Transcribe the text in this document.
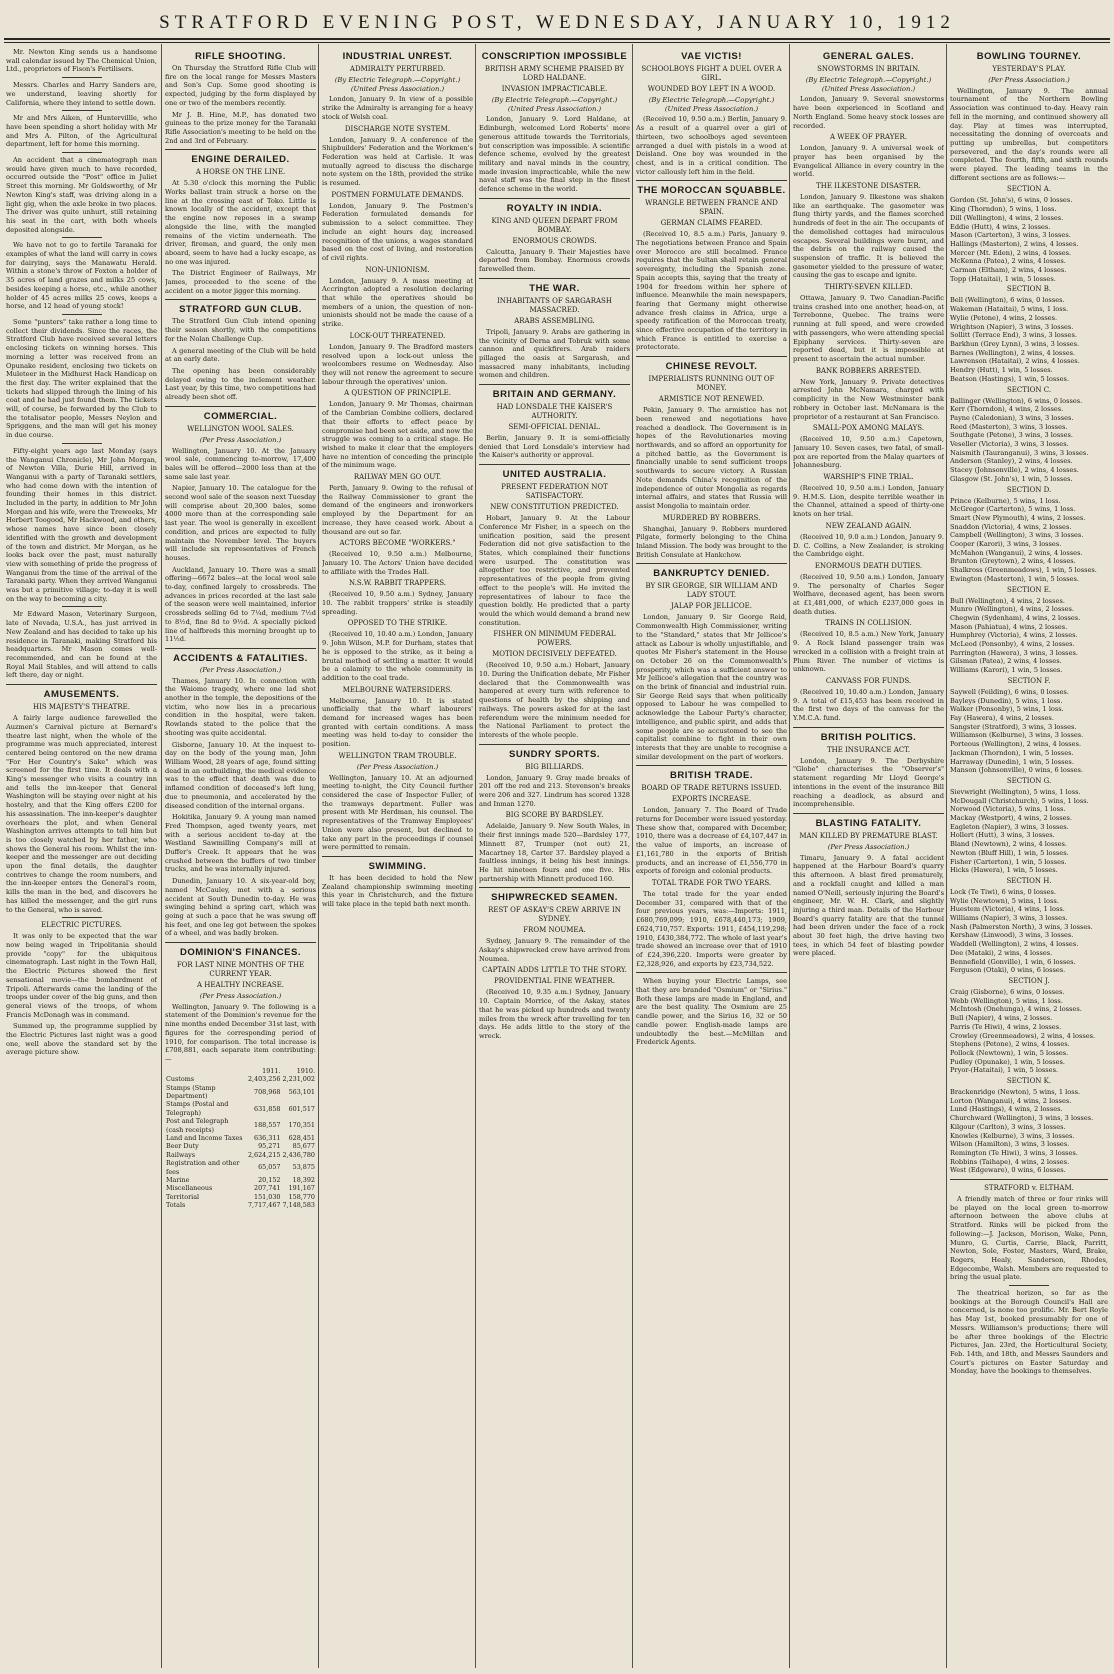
STRATFORD EVENING POST, WEDNESDAY, JANUARY 10, 1912

Mr. Newton King sends us a handsome wall calendar issued by The Chemical Union, Ltd., proprietors of Fison's Fertilisers.

Messrs. Charles and Harry Sanders are, we understand, leaving shortly for California, where they intend to settle down.

Mr and Mrs Aiken, of Huntervillle, who have been spending a short holiday with Mr and Mrs A. Pilton, of the Agricultural department, left for home this morning.

An accident that a cinematograph man would have given much to have recorded, occurred outside the "Post" office in Juliet Street this morning. Mr Goldsworthy, of Mr Newton King's staff, was driving along in a light gig, when the axle broke in two places. The driver was quite unhurt, still retaining his seat in the cart, with both wheels deposited alongside.

We have not to go to fertile Taranaki for examples of what the land will carry in cows for dairying, says the Manawatu Herald. Within a stone's throw of Foxton a holder of 35 acres of land grazes and milks 25 cows, besides keeping a horse, etc., while another holder of 45 acres milks 25 cows, keeps a horse, and 12 head of young stock!

Some "punters" take rather a long time to collect their dividends. Since the races, the Stratford Club have received several letters enclosing tickets on winning horses. This morning a letter was received from an Opunake resident, enclosing two tickets on Muleteer in the Midhurst Hack Handicap on the first day. The writer explained that the tickets had slipped through the lining of his coat and he had just found them. The tickets will, of course, be forwarded by the Club to the totalisator people, Messrs Neylon and Spriggens, and the man will get his money in due course.

Fifty-eight years ago last Monday (says the Wanganui Chronicle), Mr John Morgan, of Newton Villa, Durie Hill, arrived in Wanganui with a party of Taranaki settlers, who had come down with the intention of founding their homes in this district. Included in the party, in addition to Mr John Morgan and his wife, were the Treweeks, Mr Herbert Toogood, Mr Hackwood, and others, whose names have since been closely identified with the growth and development of the town and district. Mr Morgan, as he looks back over the past, must naturally view with something of pride the progress of Wanganui from the time of the arrival of the Taranaki party. When they arrived Wanganui was but a primitive village; to-day it is well on the way to becoming a city.

Mr Edward Mason, Veterinary Surgeon, late of Nevada, U.S.A., has just arrived in New Zealand and has decided to take up his residence in Taranaki, making Stratford his headquarters. Mr Mason comes well-recommended, and can be found at the Royal Mail Stables, and will attend to calls left there, day or night.

AMUSEMENTS.
HIS MAJESTY'S THEATRE.

A fairly large audience farewelled the Auzmen's Carnival picture at Bernard's theatre last night, when the whole of the programme was much appreciated, interest centered being centered on the new drama "For Her Country's Sake" which was screened for the first time. It deals with a King's messenger who visits a country inn and tells the inn-keeper that General Washington will be staying over night at his hostelry, and that the King offers £200 for his assassination. The inn-keeper's daughter overhears the plot, and when General Washington arrives attempts to tell him but is too closely watched by her father, who shows the General his room. Whilst the inn-keeper and the messenger are out deciding upon the final details, the daughter contrives to change the room numbers, and the inn-keeper enters the General's room, kills the man in the bed, and discovers he has killed the messenger, and the girl runs to the General, who is saved.

ELECTRIC PICTURES.

It was only to be expected that the war now being waged in Tripolitania should provide "copy" for the ubiquitous cinematograph. Last night in the Town Hall, the Electric Pictures showed the first sensational movie—the bombardment of Tripoli. Afterwards came the landing of the troops under cover of the big guns, and then general views of the troops, of whom Francis McDonagh was in command.

Summed up, the programme supplied by the Electric Pictures last night was a good one, well above the standard set by the average picture show.

RIFLE SHOOTING.

On Thursday the Stratford Rifle Club will fire on the local range for Messrs Masters and Son's Cup. Some good shooting is expected, judging by the form displayed by one or two of the members recently.

Mr J. B. Hine, M.P., has donated two guineas to the prize money for the Taranaki Rifle Association's meeting to be held on the 2nd and 3rd of February.

ENGINE DERAILED.
A HORSE ON THE LINE.

At 5.30 o'clock this morning the Public Works ballast train struck a horse on the line at the crossing east of Toko. Little is known locally of the accident, except that the engine now reposes in a swamp alongside the line, with the mangled remains of the victim underneath. The driver, fireman, and guard, the only men aboard, seem to have had a lucky escape, as no one was injured.

The District Engineer of Railways, Mr James, proceeded to the scene of the accident on a motor jigger this morning.

STRATFORD GUN CLUB.

The Stratford Gun Club intend opening their season shortly, with the competitions for the Nolan Challenge Cup.

A general meeting of the Club will be held at an early date.

The opening has been considerably delayed owing to the inclement weather. Last year, by this time, two competitions had already been shot off.

COMMERCIAL.
WELLINGTON WOOL SALES.
(Per Press Association.)

Wellington, January 10. At the January wool sale, commencing to-morrow, 17,400 bales will be offered—2000 less than at the same sale last year.

Napier, January 10. The catalogue for the second wool sale of the season next Tuesday will comprise about 20,300 bales, some 4000 more than at the corresponding sale last year. The wool is generally in excellent condition, and prices are expected to fully maintain the November level. The buyers will include six representatives of French houses.

Auckland, January 10. There was a small offering—6672 bales—at the local wool sale to-day, confined largely to crossbreds. The advances in prices recorded at the last sale of the season were well maintained, inferior crossbreds selling 6d to 7¼d, medium 7½d to 8½d, fine 8d to 9½d. A specially picked line of halfbreds this morning brought up to 11½d.

ACCIDENTS & FATALITIES.
(Per Press Association.)

Thames, January 10. In connection with the Waiomo tragedy, where one lad shot another in the temple, the depositions of the victim, who now lies in a precarious condition in the hospital, were taken. Rowlands stated to the police that the shooting was quite accidental.

Gisborne, January 10. At the inquest to-day on the body of the young man, John William Wood, 28 years of age, found sitting dead in an outbuilding, the medical evidence was to the effect that death was due to inflamed condition of deceased's left lung, due to pneumonia, and accelerated by the diseased condition of the internal organs.

Hokitika, January 9. A young man named Fred Thompson, aged twenty years, met with a serious accident to-day at the Westland Sawmilling Company's mill at Duffer's Creek. It appears that he was crushed between the buffers of two timber trucks, and he was internally injured.

Dunedin, January 10. A six-year-old boy, named McCauley, met with a serious accident at South Dunedin to-day. He was swinging behind a spring cart, which was going at such a pace that he was swung off his feet, and one leg got between the spokes of a wheel, and was badly broken.

DOMINION'S FINANCES.
FOR LAST NINE MONTHS OF THE CURRENT YEAR.
A HEALTHY INCREASE.
(Per Press Association.)

Wellington, January 9. The following is a statement of the Dominion's revenue for the nine months ended December 31st last, with figures for the corresponding period of 1910, for comparison. The total increase is £708,881, each separate item contributing:—

	1911.	1910.
Customs	2,403,256	2,231,002
Stamps (Stamp Department)	708,968	563,101
Stamps (Postal and Telegraph)	631,858	601,517
Post and Telegraph (cash receipts)	188,557	170,351
Land and Income Taxes	636,311	628,451
Beer Duty	95,271	85,677
Railways	2,624,215	2,436,780
Registration and other fees	65,057	53,875
Marine	20,152	18,392
Miscellaneous	207,741	191,167
Territorial	151,030	158,770
Totals	7,717,467	7,148,583
INDUSTRIAL UNREST.
ADMIRALTY PERTURBED.
(By Electric Telegraph.—Copyright.) (United Press Association.)

London, January 9. In view of a possible strike the Admiralty is arranging for a heavy stock of Welsh coal.

DISCHARGE NOTE SYSTEM.

London, January 9. A conference of the Shipbuilders' Federation and the Workmen's Federation was held at Carlisle. It was mutually agreed to discuss the discharge note system on the 18th, provided the strike is resumed.

POSTMEN FORMULATE DEMANDS.

London, January 9. The Postmen's Federation formulated demands for submission to a select committee. They include an eight hours day, increased recognition of the unions, a wages standard based on the cost of living, and restoration of civil rights.

NON-UNIONISM.

London, January 9. A mass meeting at Accrington adopted a resolution declaring that while the operatives should be members of a union, the question of non-unionists should not be made the cause of a strike.

LOCK-OUT THREATENED.

London, January 9. The Bradford masters resolved upon a lock-out unless the woolcombers resume on Wednesday. Also they will not renew the agreement to secure labour through the operatives' union.

A QUESTION OF PRINCIPLE.

London, January 9. Mr Thomas, chairman of the Cambrian Combine colliers, declared that their efforts to effect peace by compromise had been set aside, and now the struggle was coming to a critical stage. He wished to make it clear that the employers have no intention of conceding the principle of the minimum wage.

RAILWAY MEN GO OUT.

Perth, January 9. Owing to the refusal of the Railway Commissioner to grant the demand of the engineers and ironworkers employed by the Department for an increase, they have ceased work. About a thousand are out so far.

ACTORS BECOME "WORKERS."

(Received 10, 9.50 a.m.) Melbourne, January 10. The Actors' Union have decided to affiliate with the Trades Hall.

N.S.W. RABBIT TRAPPERS.

(Received 10, 9.50 a.m.) Sydney, January 10. The rabbit trappers' strike is steadily spreading.

OPPOSED TO THE STRIKE.

(Received 10, 10.40 a.m.) London, January 9. John Wilson, M.P. for Durham, states that he is opposed to the strike, as it being a brutal method of settling a matter. It would be a calamity to the whole community in addition to the coal trade.

MELBOURNE WATERSIDERS.

Melbourne, January 10. It is stated unofficially that the wharf labourers' demand for increased wages has been granted with certain conditions. A mass meeting was held to-day to consider the position.

WELLINGTON TRAM TROUBLE.
(Per Press Association.)

Wellington, January 10. At an adjourned meeting to-night, the City Council further considered the case of Inspector Fuller, of the tramways department. Fuller was present with Mr Herdman, his counsel. The representatives of the Tramway Employees' Union were also present, but declined to take any part in the proceedings if counsel were permitted to remain.

SWIMMING.

It has been decided to hold the New Zealand championship swimming meeting this year in Christchurch, and the fixture will take place in the tepid bath next month.

CONSCRIPTION IMPOSSIBLE
BRITISH ARMY SCHEME PRAISED BY LORD HALDANE.
INVASION IMPRACTICABLE.
(By Electric Telegraph.—Copyright.) (United Press Association.)

London, January 9. Lord Haldane, at Edinburgh, welcomed Lord Roberts' more generous attitude towards the Territorials, but conscription was impossible. A scientific defence scheme, evolved by the greatest military and naval minds in the country, made invasion impracticable, while the new naval staff was the final step in the finest defence scheme in the world.

ROYALTY IN INDIA.
KING AND QUEEN DEPART FROM BOMBAY.
ENORMOUS CROWDS.

Calcutta, January 9. Their Majesties have departed from Bombay. Enormous crowds farewelled them.

THE WAR.
INHABITANTS OF SARGARASH MASSACRED.
ARABS ASSEMBLING.

Tripoli, January 9. Arabs are gathering in the vicinity of Derna and Tobruk with some cannon and quickfirers. Arab raiders pillaged the oasis at Sargarash, and massacred many inhabitants, including women and children.

BRITAIN AND GERMANY.
HAD LONSDALE THE KAISER'S AUTHORITY.
SEMI-OFFICIAL DENIAL.

Berlin, January 9. It is semi-officially denied that Lord Lonsdale's interview had the Kaiser's authority or approval.

UNITED AUSTRALIA.
PRESENT FEDERATION NOT SATISFACTORY.
NEW CONSTITUTION PREDICTED.

Hobart, January 9. At the Labour Conference Mr Fisher, in a speech on the unification position, said the present Federation did not give satisfaction to the States, which complained their functions were usurped. The constitution was altogether too restrictive, and prevented representatives of the people from giving effect to the people's will. He invited the representatives of labour to face the question boldly. He predicted that a party would the which would demand a brand new constitution.

FISHER ON MINIMUM FEDERAL POWERS.
MOTION DECISIVELY DEFEATED.

(Received 10, 9.50 a.m.) Hobart, January 10. During the Unification debate, Mr Fisher declared that the Commonwealth was hampered at every turn with reference to questions of health by the shipping and railways. The powers asked for at the last referendum were the minimum needed for the National Parliament to protect the interests of the whole people.

SUNDRY SPORTS.
BIG BILLIARDS.

London, January 9. Gray made breaks of 201 off the red and 213. Stevenson's breaks were 206 and 327. Lindrum has scored 1328 and Inman 1270.

BIG SCORE BY BARDSLEY.

Adelaide, January 9. New South Wales, in their first innings made 520—Bardsley 177, Minnett 87, Trumper (not out) 21, Macartney 18, Carter 37. Bardsley played a faultless innings, it being his best innings. He hit nineteen fours and one five. His partnership with Minnett produced 160.

SHIPWRECKED SEAMEN.
REST OF ASKAY'S CREW ARRIVE IN SYDNEY.
FROM NOUMEA.

Sydney, January 9. The remainder of the Askay's shipwrecked crew have arrived from Noumea.

CAPTAIN ADDS LITTLE TO THE STORY.
PROVIDENTIAL FINE WEATHER.

(Received 10, 9.35 a.m.) Sydney, January 10. Captain Morrice, of the Askay, states that he was picked up hundreds and twenty miles from the wreck after travelling for ten days. He adds little to the story of the wreck.

VAE VICTIS!
SCHOOLBOYS FIGHT A DUEL OVER A GIRL.
WOUNDED BOY LEFT IN A WOOD.
(By Electric Telegraph.—Copyright.) (United Press Association.)

(Received 10, 9.50 a.m.) Berlin, January 9. As a result of a quarrel over a girl of thirteen, two schoolboys aged seventeen arranged a duel with pistols in a wood at Deisland. One boy was wounded in the chest, and is in a critical condition. The victor callously left him in the field.

THE MOROCCAN SQUABBLE.
WRANGLE BETWEEN FRANCE AND SPAIN.
GERMAN CLAIMS FEARED.

(Received 10, 8.5 a.m.) Paris, January 9. The negotiations between France and Spain over Morocco are still becalmed. France requires that the Sultan shall retain general sovereignty, including the Spanish zone. Spain accepts this, saying that the treaty of 1904 for freedom within her sphere of influence. Meanwhile the main newspapers, fearing that Germany might otherwise advance fresh claims in Africa, urge a speedy ratification of the Moroccan treaty, since effective occupation of the territory in which France is entitled to exercise a protectorate.

CHINESE REVOLT.
IMPERIALISTS RUNNING OUT OF MONEY.
ARMISTICE NOT RENEWED.

Pekin, January 9. The armistice has not been renewed and negotiations have reached a deadlock. The Government is in hopes of the Revolutionaries moving northwards, and so afford an opportunity for a pitched battle, as the Government is financially unable to send sufficient troops southwards to secure victory. A Russian Note demands China's recognition of the independence of outer Mongolia as regards internal affairs, and states that Russia will assist Mongolia to maintain order.

MURDERED BY ROBBERS.

Shanghai, January 9. Robbers murdered Pilgate, formerly belonging to the China Inland Mission. The body was brought to the British Consulate at Hankchow.

BANKRUPTCY DENIED.
BY SIR GEORGE, SIR WILLIAM AND LADY STOUT.
JALAP FOR JELLICOE.

London, January 9. Sir George Reid, Commonwealth High Commissioner, writing to the "Standard," states that Mr Jellicoe's attack as Labour is wholly unjustifiable, and quotes Mr Fisher's statement in the House on October 26 on the Commonwealth's prosperity, which was a sufficient answer to Mr Jellicoe's allegation that the country was on the brink of financial and industrial ruin. Sir George Reid says that when politically opposed to Labour he was compelled to acknowledge the Labour Party's character, intelligence, and public spirit, and adds that some people are so accustomed to see the capitalist combine to fight in their own interests that they are unable to recognise a similar development on the part of workers.

BRITISH TRADE.
BOARD OF TRADE RETURNS ISSUED.
EXPORTS INCREASE.

London, January 7. The Board of Trade returns for December were issued yesterday. These show that, compared with December, 1910, there was a decrease of £4,107,447 in the value of imports, an increase of £1,161,780 in the exports of British products, and an increase of £1,556,770 in exports of foreign and colonial products.

TOTAL TRADE FOR TWO YEARS.

The total trade for the year ended December 31, compared with that of the four previous years, was:—Imports: 1911, £680,769,099; 1910, £678,440,173; 1909, £624,710,757. Exports: 1911, £454,119,298; 1910, £430,384,772. The whole of last year's trade showed an increase over that of 1910 of £24,396,220. Imports were greater by £2,328,926, and exports by £23,734,522.

When buying your Electric Lamps, see that they are branded "Osmium" or "Sirius." Both these lamps are made in England, and are the best quality. The Osmium are 25 candle power, and the Sirius 16, 32 or 50 candle power. English-made lamps are undoubtedly the best.—McMillan and Frederick Agents.

GENERAL GALES.
SNOWSTORMS IN BRITAIN.
(By Electric Telegraph.—Copyright.) (United Press Association.)

London, January 9. Several snowstorms have been experienced in Scotland and North England. Some heavy stock losses are recorded.

A WEEK OF PRAYER.

London, January 9. A universal week of prayer has been organised by the Evangelical Alliance in every country in the world.

THE ILKESTONE DISASTER.

London, January 9. Ilkestone was shaken like an earthquake. The gasometer was flung thirty yards, and the flames scorched hundreds of feet in the air. The occupants of the demolished cottages had miraculous escapes. Several buildings were burnt, and the debris on the railway caused the suspension of traffic. It is believed the gasometer yielded to the pressure of water, causing the gas to escape and ignite.

THIRTY-SEVEN KILLED.

Ottawa, January 9. Two Canadian-Pacific trains crashed into one another, head-on, at Terrebonne, Quebec. The trains were running at full speed, and were crowded with passengers, who were attending special Epiphany services. Thirty-seven are reported dead, but it is impossible at present to ascertain the actual number.

BANK ROBBERS ARRESTED.

New York, January 9. Private detectives arrested John McNamara, charged with complicity in the New Westminster bank robbery in October last. McNamara is the proprietor of a restaurant at San Francisco.

SMALL-POX AMONG MALAYS.

(Received 10, 9.50 a.m.) Capetown, January 10. Seven cases, two fatal, of small-pox are reported from the Malay quarters of Johannesburg.

WARSHIP'S FINE TRIAL.

(Received 10, 9.50 a.m.) London, January 9. H.M.S. Lion, despite terrible weather in the Channel, attained a speed of thirty-one knots on her trial.

NEW ZEALAND AGAIN.

(Received 10, 9.0 a.m.) London, January 9. D. C. Collins, a New Zealander, is stroking the Cambridge eight.

ENORMOUS DEATH DUTIES.

(Received 10, 9.50 a.m.) London, January 9. The personalty of Charles Seger Wolfhave, deceased agent, has been sworn at £1,481,000, of which £237,000 goes in death duties.

TRAINS IN COLLISION.

(Received 10, 8.5 a.m.) New York, January 9. A Rock Island passenger train was wrecked in a collision with a freight train at Plum River. The number of victims is unknown.

CANVASS FOR FUNDS.

(Received 10, 10.40 a.m.) London, January 9. A total of £15,453 has been received in the first two days of the canvass for the Y.M.C.A. fund.

BRITISH POLITICS.
THE INSURANCE ACT.

London, January 9. The Derbyshire "Globe" characterises the "Observer's" statement regarding Mr Lloyd George's intentions in the event of the insurance Bill reaching a deadlock, as absurd and incomprehensible.

BLASTING FATALITY.
MAN KILLED BY PREMATURE BLAST.
(Per Press Association.)

Timaru, January 9. A fatal accident happened at the Harbour Board's quarry this afternoon. A blast fired prematurely, and a rockfall caught and killed a man named O'Neill, seriously injuring the Board's engineer, Mr. W. H. Clark, and slightly injuring a third man. Details of the Harbour Board's quarry fatality are that the tunnel had been driven under the face of a rock about 30 feet high, the drive having two tees, in which 54 feet of blasting powder were placed.

BOWLING TOURNEY.
YESTERDAY'S PLAY.
(Per Press Association.)

Wellington, January 9. The annual tournament of the Northern Bowling Association was continued to-day. Heavy rain fell in the morning, and continued showery all day. Play at times was interrupted, necessitating the donning of overcoats and putting up umbrellas, but competitors persevered, and the day's rounds were all completed. The fourth, fifth, and sixth rounds were played. The leading teams in the different sections are as follows:—

SECTION A.
Gordon (St. John's), 6 wins, 0 losses.
King (Thorndon), 5 wins, 1 loss.
Dill (Wellington), 4 wins, 2 losses.
Eddie (Hutt), 4 wins, 2 losses.
Mason (Carterton), 3 wins, 3 losses.
Hallings (Masterton), 2 wins, 4 losses.
Mercer (Mt. Eden), 2 wins, 4 losses.
McKenna (Patea), 2 wins, 4 losses.
Carman (Eltham), 2 wins, 4 losses.
Topp (Hataitai), 1 win, 5 losses.
SECTION B.
Bell (Wellington), 6 wins, 0 losses.
Wakeman (Hataitai), 5 wins, 1 loss.
Wylie (Petone), 4 wins, 2 losses.
Wrightson (Napier), 3 wins, 3 losses.
Sollitt (Terrace End), 3 wins, 3 losses.
Barkhun (Grey Lynn), 3 wins, 3 losses.
Barnes (Wellington), 2 wins, 4 losses.
Lawrenson (Hataitai), 2 wins, 4 losses.
Hendry (Hutt), 1 win, 5 losses.
Beatson (Hastings), 1 win, 5 losses.
SECTION C.
Ballinger (Wellington), 6 wins, 0 losses.
Kerr (Thorndon), 4 wins, 2 losses.
Payne (Caledonian), 3 wins, 3 losses.
Reed (Masterton), 3 wins, 3 losses.
Southgate (Petone), 3 wins, 3 losses.
Veseller (Victoria), 3 wins, 3 losses.
Naismith (Tauranganui), 3 wins, 3 losses.
Anderson (Stanley), 2 wins, 4 losses.
Stacey (Johnsonville), 2 wins, 4 losses.
Glasgow (St. John's), 1 win, 5 losses.
SECTION D.
Prince (Kelburne), 5 wins, 1 loss.
McGregor (Carterton), 5 wins, 1 loss.
Smart (New Plymouth), 4 wins, 2 losses.
Snaddon (Victoria), 4 wins, 2 losses.
Campbell (Wellington), 3 wins, 3 losses.
Cooper (Karori), 3 wins, 3 losses.
McMahon (Wanganui), 2 wins, 4 losses.
Brunton (Greytown), 2 wins, 4 losses.
Shalkross (Greenmeadows), 1 win, 5 losses.
Ewington (Masterton), 1 win, 5 losses.
SECTION E.
Bull (Wellington), 4 wins, 2 losses.
Munro (Wellington), 4 wins, 2 losses.
Chegwin (Sydenham), 4 wins, 2 losses.
Mason (Pahiatua), 4 wins, 2 losses.
Humphrey (Victoria), 4 wins, 2 losses.
McLeod (Ponsonby), 4 wins, 2 losses.
Parrington (Hawera), 3 wins, 3 losses.
Gilsman (Patea), 2 wins, 4 losses.
Williams (Karori), 1 win, 5 losses.
SECTION F.
Saywell (Feilding), 6 wins, 0 losses.
Bayleys (Dunedin), 5 wins, 1 loss.
Walker (Ponsonby), 5 wins, 1 loss.
Fay (Hawera), 4 wins, 2 losses.
Sangster (Stratford), 3 wins, 3 losses.
Williamson (Kelburne), 3 wins, 3 losses.
Porteous (Wellington), 2 wins, 4 losses.
Jackman (Thorndon), 1 win, 5 losses.
Harraway (Dunedin), 1 win, 5 losses.
Manson (Johnsonville), 0 wins, 6 losses.
SECTION G.
Sievwright (Wellington), 5 wins, 1 loss.
McDougall (Christchurch), 5 wins, 1 loss.
Norwood (Victoria), 5 wins, 1 loss.
Mackay (Westport), 4 wins, 2 losses.
Eagleton (Napier), 3 wins, 3 losses.
Hollert (Hutt), 3 wins, 3 losses.
Bland (Newtown), 2 wins, 4 losses.
Newton (Bluff Hill), 1 win, 5 losses.
Fisher (Carterton), 1 win, 5 losses.
Hicks (Hawera), 1 win, 5 losses.
SECTION H.
Lock (Te Tiwi), 6 wins, 0 losses.
Wylie (Newtown), 5 wins, 1 loss.
Huestem (Victoria), 4 wins, 1 loss.
Williams (Napier), 3 wins, 3 losses.
Nash (Palmerston North), 3 wins, 3 losses.
Kershaw (Linwood), 3 wins, 3 losses.
Waddell (Wellington), 2 wins, 4 losses.
Dee (Mataki), 2 wins, 4 losses.
Bennefield (Gonville), 1 win, 6 losses.
Ferguson (Otaki), 0 wins, 6 losses.
SECTION J.
Craig (Gisborne), 6 wins, 0 losses.
Webb (Wellington), 5 wins, 1 loss.
McIntosh (Onehunga), 4 wins, 2 losses.
Bull (Napier), 4 wins, 2 losses.
Parris (Te Hiwi), 4 wins, 2 losses.
Crowley (Greenmeadows), 2 wins, 4 losses.
Stephens (Petone), 2 wins, 4 losses.
Pollock (Newtown), 1 win, 5 losses.
Pudley (Opunake), 1 win, 5 losses.
Pryor-(Hataitai), 1 win, 5 losses.
SECTION K.
Brackenridge (Newton), 5 wins, 1 loss.
Lorton (Wanganui), 4 wins, 2 losses.
Lund (Hastings), 4 wins, 2 losses.
Churchward (Wellington), 3 wins, 3 losses.
Kilgour (Carlton), 3 wins, 3 losses.
Knowles (Kelburne), 3 wins, 3 losses.
Wilson (Hamilton), 3 wins, 3 losses.
Remington (Te Hiwi), 3 wins, 3 losses.
Robbins (Taihape), 4 wins, 2 losses.
West (Edgeware), 0 wins, 6 losses.
STRATFORD v. ELTHAM.

A friendly match of three or four rinks will be played on the local green to-morrow afternoon between the above clubs at Stratford. Rinks will be picked from the following:—J. Jackson, Morison, Wake, Penn, Munro, G. Curtis, Carrie, Black, Parritt, Newton, Sole, Foster, Masters, Ward, Brake, Rogers, Healy, Sanderson, Rhodes, Edgecombe, Walsh. Members are requested to bring the usual plate.

The theatrical horizon, so far as the bookings at the Borough Council's Hall are concerned, is none too prolific. Mr. Bert Royle has May 1st, booked presumably for one of Messrs. Williamson's productions; there will be after three bookings of the Electric Pictures, Jan. 23rd, the Horticultural Society, Feb. 14th, and 18th, and Messrs Saunders and Court's pictures on Easter Saturday and Monday, have the bookings to themselves.
